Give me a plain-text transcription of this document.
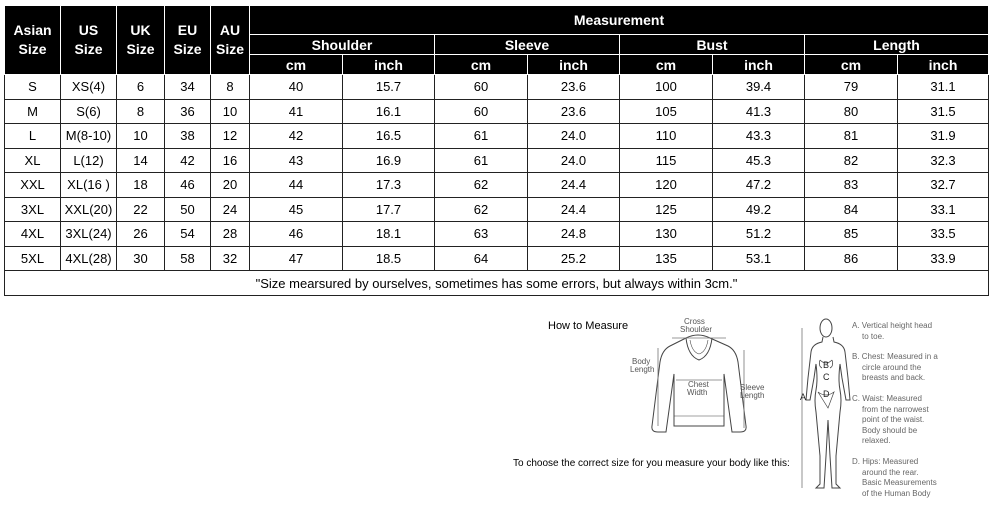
Asian Size	US Size	UK Size	EU Size	AU Size	Measurement							
					Shoulder		Sleeve		Bust		Length	
					cm	inch	cm	inch	cm	inch	cm	inch
S	XS(4)	6	34	8	40	15.7	60	23.6	100	39.4	79	31.1
M	S(6)	8	36	10	41	16.1	60	23.6	105	41.3	80	31.5
L	M(8-10)	10	38	12	42	16.5	61	24.0	110	43.3	81	31.9
XL	L(12)	14	42	16	43	16.9	61	24.0	115	45.3	82	32.3
XXL	XL(16 )	18	46	20	44	17.3	62	24.4	120	47.2	83	32.7
3XL	XXL(20)	22	50	24	45	17.7	62	24.4	125	49.2	84	33.1
4XL	3XL(24)	26	54	28	46	18.1	63	24.8	130	51.2	85	33.5
5XL	4XL(28)	30	58	32	47	18.5	64	25.2	135	53.1	86	33.9
"Size mearsured by ourselves, sometimes has some errors, but always within 3cm."												
How to Measure
To choose the correct size for you measure your body like this:
Cross
Shoulder
Body
Length
Chest
Width
Sleeve
Length	A
B
C
D
A. Vertical height head
to toe.
B. Chest: Measured in a
circle around the
breasts and back.
C. Waist: Measured
from the narrowest
point of the waist.
Body should be
relaxed.
D. Hips: Measured
around the rear.
Basic Measurements
of the Human Body
